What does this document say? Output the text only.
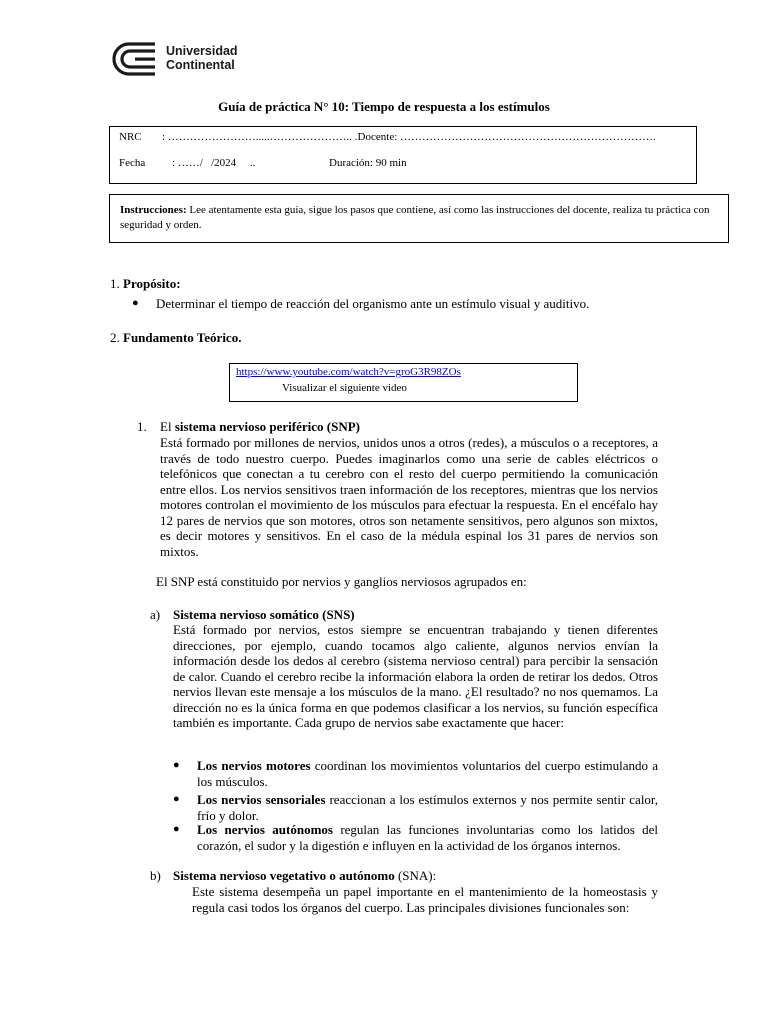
Universidad
Continental
Guía de práctica N° 10: Tiempo de respuesta a los estímulos
NRC : …………………….....………………….. .Docente: …………………………………………………………….
Fecha : ……/   /2024     ..	Duración: 90 min
Instrucciones: Lee atentamente esta guía, sigue los pasos que contiene, así como las instrucciones del docente, realiza tu práctica con seguridad y orden.
1. Propósito:
● Determinar el tiempo de reacción del organismo ante un estímulo visual y auditivo.
2. Fundamento Teórico.
https://www.youtube.com/watch?v=groG3R98ZOs
Visualizar el siguiente video
1. El sistema nervioso periférico (SNP)
Está formado por millones de nervios, unidos unos a otros (redes), a músculos o a receptores, a través de todo nuestro cuerpo. Puedes imaginarlos como una serie de cables eléctricos o telefónicos que conectan a tu cerebro con el resto del cuerpo permitiendo la comunicación entre ellos. Los nervios sensitivos traen información de los receptores, mientras que los nervios motores controlan el movimiento de los músculos para efectuar la respuesta. En el encéfalo hay 12 pares de nervios que son motores, otros son netamente sensitivos, pero algunos son mixtos, es decir motores y sensitivos. En el caso de la médula espinal los 31 pares de nervios son mixtos.
El SNP está constituido por nervios y ganglios nerviosos agrupados en:
a) Sistema nervioso somático (SNS)
Está formado por nervios, estos siempre se encuentran trabajando y tienen diferentes direcciones, por ejemplo, cuando tocamos algo caliente, algunos nervios envían la información desde los dedos al cerebro (sistema nervioso central) para percibir la sensación de calor. Cuando el cerebro recibe la información elabora la orden de retirar los dedos. Otros nervios llevan este mensaje a los músculos de la mano. ¿El resultado? no nos quemamos. La dirección no es la única forma en que podemos clasificar a los nervios, su función específica también es importante. Cada grupo de nervios sabe exactamente que hacer:
● Los nervios motores coordinan los movimientos voluntarios del cuerpo estimulando a los músculos.
● Los nervios sensoriales reaccionan a los estímulos externos y nos permite sentir calor, frío y dolor.
● Los nervios autónomos regulan las funciones involuntarias como los latidos del corazón, el sudor y la digestión e influyen en la actividad de los órganos internos.
b) Sistema nervioso vegetativo o autónomo (SNA):
Este sistema desempeña un papel importante en el mantenimiento de la homeostasis y regula casi todos los órganos del cuerpo. Las principales divisiones funcionales son:
